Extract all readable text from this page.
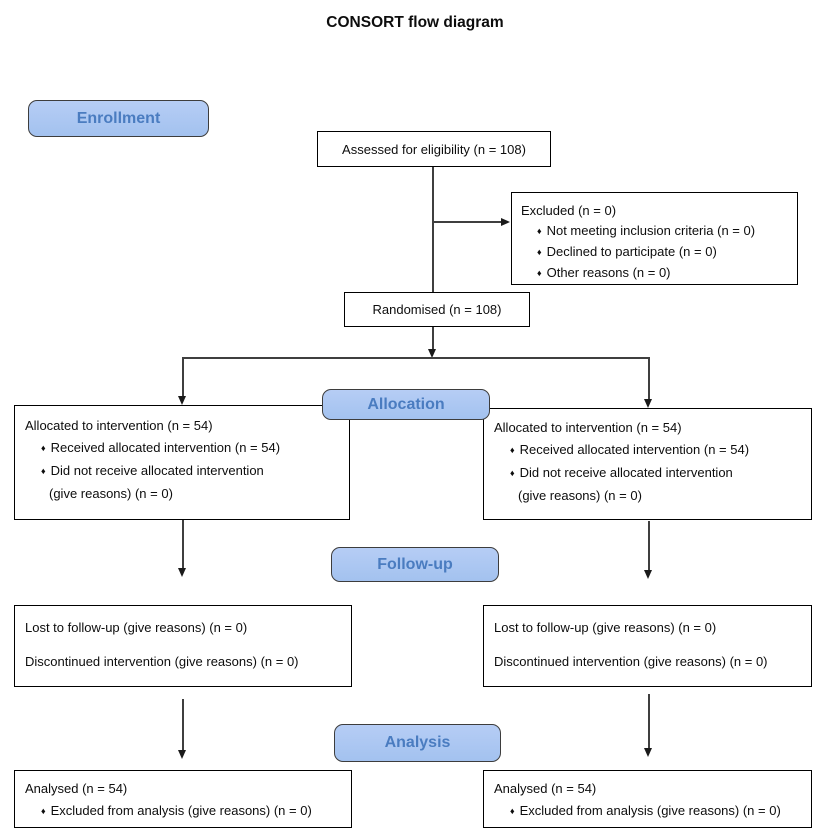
CONSORT flow diagram
Enrollment
Allocation
Follow-up
Analysis
Assessed for eligibility (n = 108)
Excluded (n = 0)
♦ Not meeting inclusion criteria (n = 0)
♦ Declined to participate (n = 0)
♦ Other reasons (n = 0)
Randomised (n = 108)
Allocated to intervention (n = 54)
♦ Received allocated intervention (n = 54)
♦ Did not receive allocated intervention
(give reasons) (n = 0)
Allocated to intervention (n = 54)
♦ Received allocated intervention (n = 54)
♦ Did not receive allocated intervention
(give reasons) (n = 0)
Lost to follow-up (give reasons) (n = 0)
Discontinued intervention (give reasons) (n = 0)
Lost to follow-up (give reasons) (n = 0)
Discontinued intervention (give reasons) (n = 0)
Analysed (n = 54)
♦ Excluded from analysis (give reasons) (n = 0)
Analysed (n = 54)
♦ Excluded from analysis (give reasons) (n = 0)
